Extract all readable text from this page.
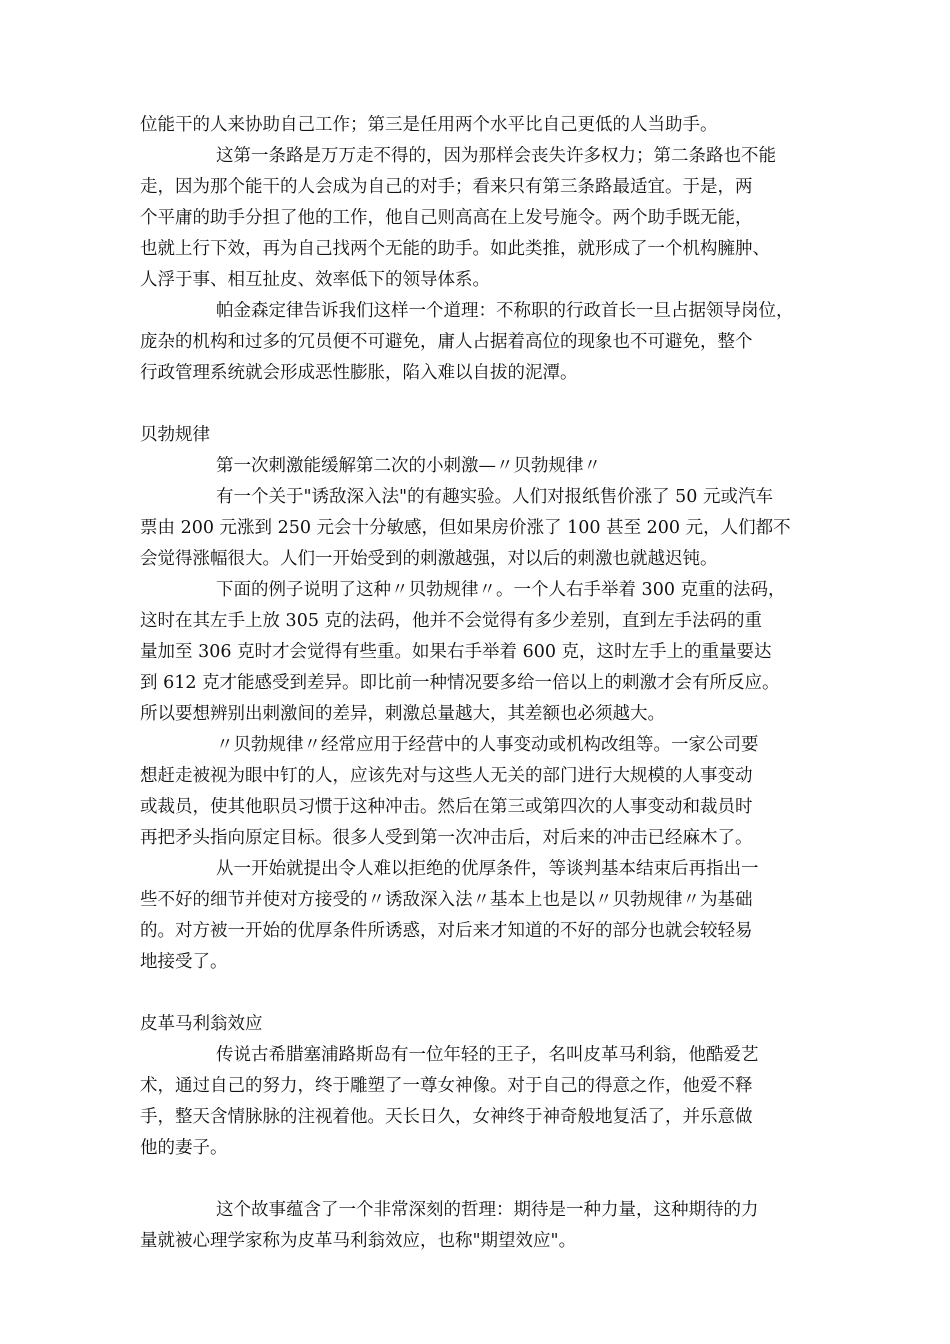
位能干的人来协助自己工作；第三是任用两个水平比自己更低的人当助手。
这第一条路是万万走不得的，因为那样会丧失许多权力；第二条路也不能
走，因为那个能干的人会成为自己的对手；看来只有第三条路最适宜。于是，两
个平庸的助手分担了他的工作，他自己则高高在上发号施令。两个助手既无能，
也就上行下效，再为自己找两个无能的助手。如此类推，就形成了一个机构臃肿、
人浮于事、相互扯皮、效率低下的领导体系。
帕金森定律告诉我们这样一个道理：不称职的行政首长一旦占据领导岗位，
庞杂的机构和过多的冗员便不可避免，庸人占据着高位的现象也不可避免，整个
行政管理系统就会形成恶性膨胀，陷入难以自拔的泥潭。
贝勃规律
第一次刺激能缓解第二次的小刺激—〃贝勃规律〃
有一个关于"诱敌深入法"的有趣实验。人们对报纸售价涨了 50 元或汽车
票由 200 元涨到 250 元会十分敏感，但如果房价涨了 100 甚至 200 元，人们都不
会觉得涨幅很大。人们一开始受到的刺激越强，对以后的刺激也就越迟钝。
下面的例子说明了这种〃贝勃规律〃。一个人右手举着 300 克重的法码，
这时在其左手上放 305 克的法码，他并不会觉得有多少差别，直到左手法码的重
量加至 306 克时才会觉得有些重。如果右手举着 600 克，这时左手上的重量要达
到 612 克才能感受到差异。即比前一种情况要多给一倍以上的刺激才会有所反应。
所以要想辨别出刺激间的差异，刺激总量越大，其差额也必须越大。
〃贝勃规律〃经常应用于经营中的人事变动或机构改组等。一家公司要
想赶走被视为眼中钉的人，应该先对与这些人无关的部门进行大规模的人事变动
或裁员，使其他职员习惯于这种冲击。然后在第三或第四次的人事变动和裁员时
再把矛头指向原定目标。很多人受到第一次冲击后，对后来的冲击已经麻木了。
从一开始就提出令人难以拒绝的优厚条件，等谈判基本结束后再指出一
些不好的细节并使对方接受的〃诱敌深入法〃基本上也是以〃贝勃规律〃为基础
的。对方被一开始的优厚条件所诱惑，对后来才知道的不好的部分也就会较轻易
地接受了。
皮革马利翁效应
传说古希腊塞浦路斯岛有一位年轻的王子，名叫皮革马利翁，他酷爱艺
术，通过自己的努力，终于雕塑了一尊女神像。对于自己的得意之作，他爱不释
手，整天含情脉脉的注视着他。天长日久，女神终于神奇般地复活了，并乐意做
他的妻子。
这个故事蕴含了一个非常深刻的哲理：期待是一种力量，这种期待的力
量就被心理学家称为皮革马利翁效应，也称"期望效应"。
